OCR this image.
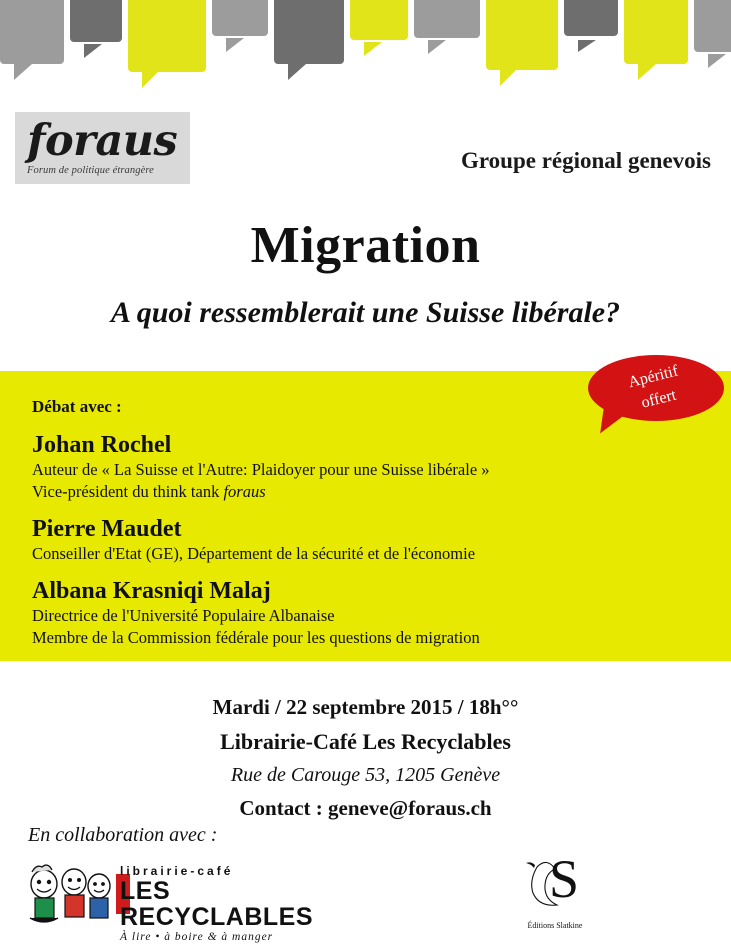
foraus
Forum de politique étrangère	Groupe régional genevois
Migration
A quoi ressemblerait une Suisse libérale?
Débat avec :
Johan Rochel
Auteur de « La Suisse et l'Autre: Plaidoyer pour une Suisse libérale »
Vice-président du think tank foraus
Pierre Maudet
Conseiller d'Etat (GE), Département de la sécurité et de l'économie
Albana Krasniqi Malaj
Directrice de l'Université Populaire Albanaise
Membre de la Commission fédérale pour les questions de migration
Apéritif
offert
Mardi / 22 septembre 2015 / 18h°°
Librairie-Café Les Recyclables
Rue de Carouge 53, 1205 Genève
Contact : geneve@foraus.ch
En collaboration avec :
librairie-café
LES RECYCLABLES
À lire • à boire & à manger
S
Éditions Slatkine
